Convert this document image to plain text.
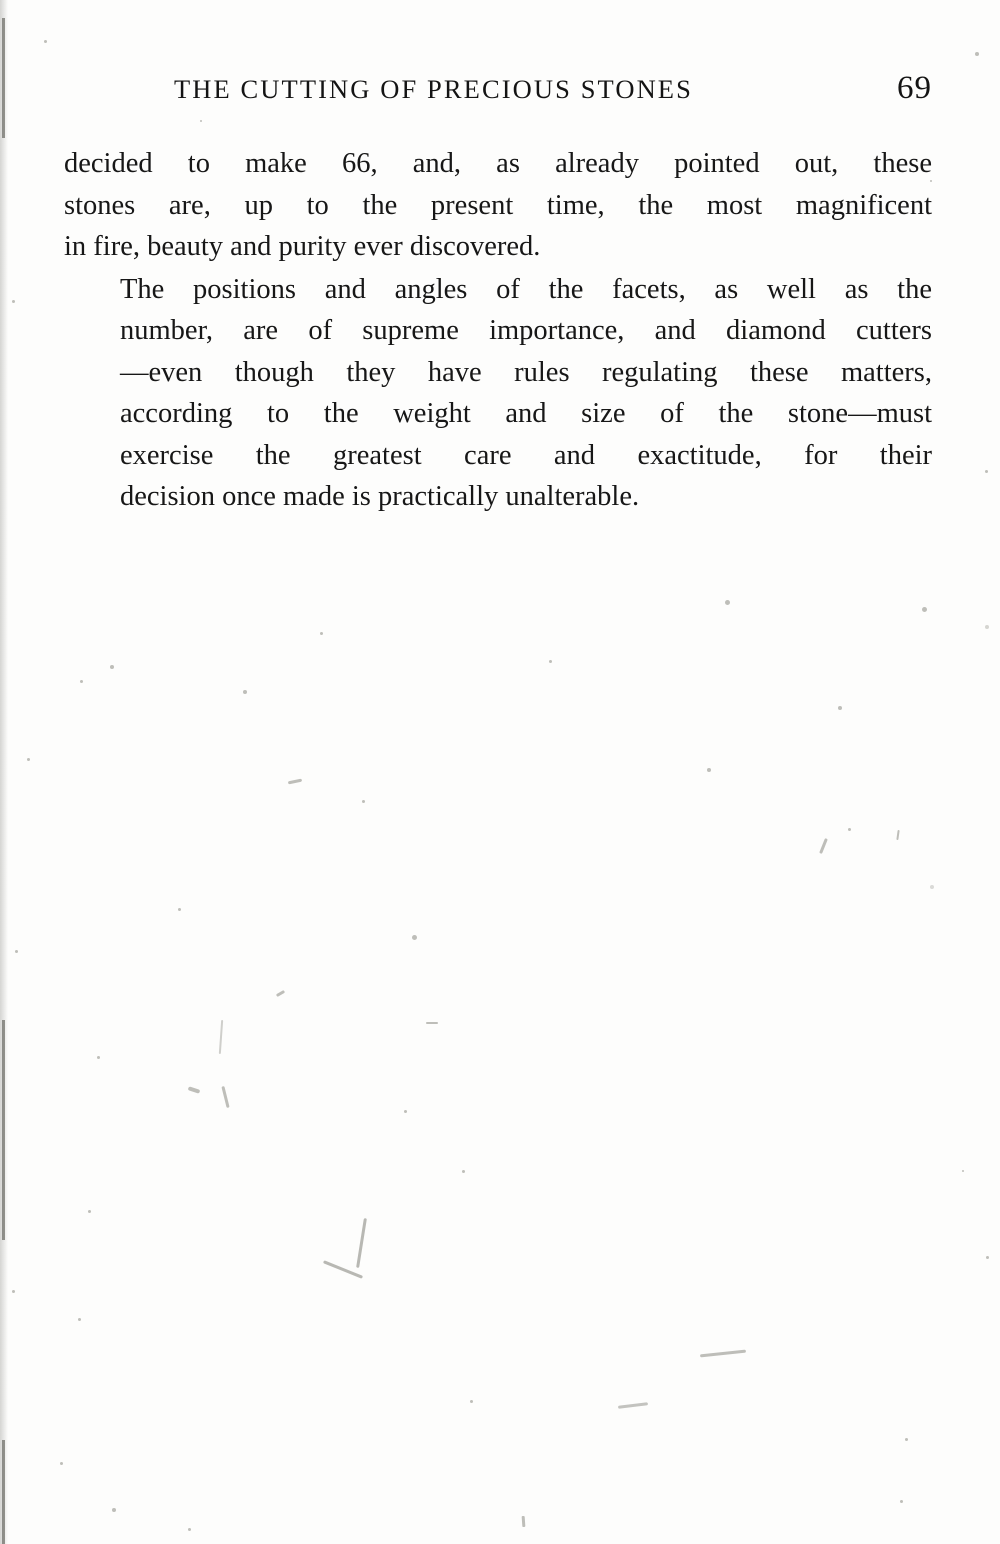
THE CUTTING OF PRECIOUS STONES	69

decided to make 66, and, as already pointed out, these
stones are, up to the present time, the most magnificent
in fire, beauty and purity ever discovered.

The positions and angles of the facets, as well as the
number, are of supreme importance, and diamond cutters
—even though they have rules regulating these matters,
according to the weight and size of the stone—must
exercise the greatest care and exactitude, for their
decision once made is practically unalterable.
